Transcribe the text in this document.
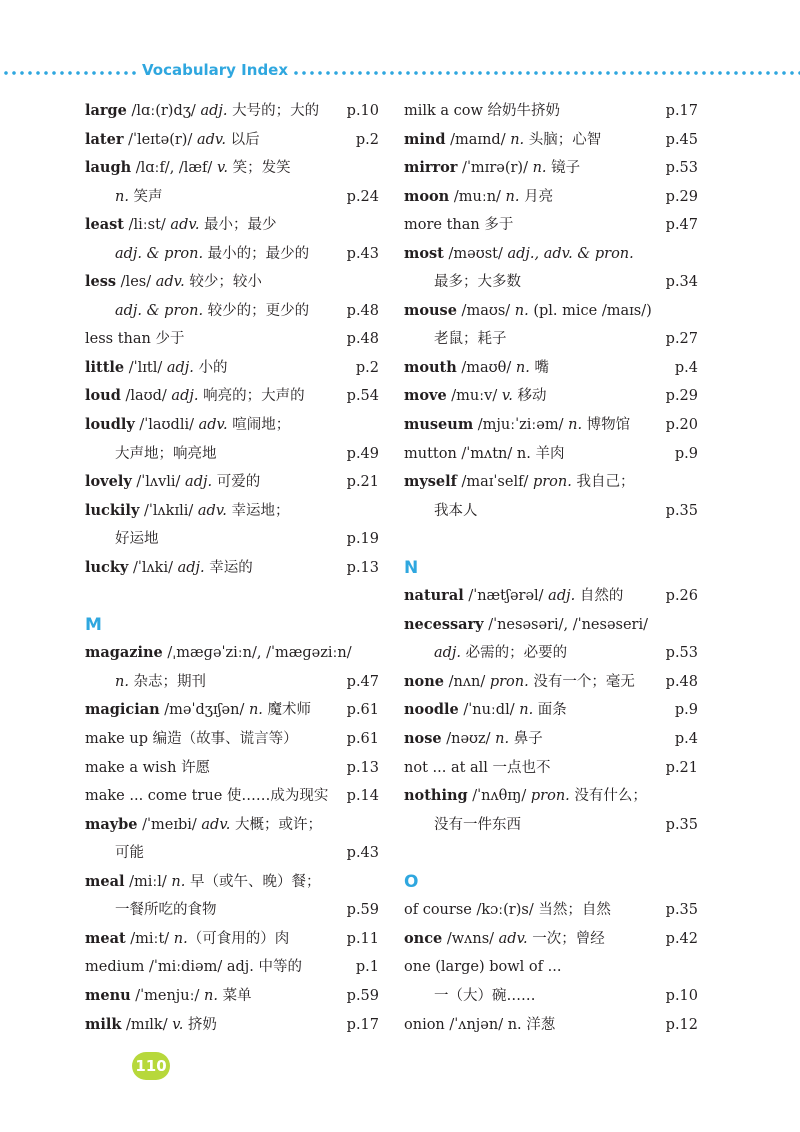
Vocabulary Index
large /lɑː(r)dʒ/ adj. 大号的；大的 p.10
later /ˈleɪtə(r)/ adv. 以后	p.2
laugh /lɑːf/, /læf/ v. 笑；发笑
n. 笑声	p.24
least /liːst/ adv. 最小；最少
adj. & pron. 最小的；最少的	p.43
less /les/ adv. 较少；较小
adj. & pron. 较少的；更少的	p.48
less than 少于	p.48
little /ˈlɪtl/ adj. 小的	p.2
loud /laʊd/ adj. 响亮的；大声的	p.54
loudly /ˈlaʊdli/ adv. 喧闹地；
大声地；响亮地	p.49
lovely /ˈlʌvli/ adj. 可爱的	p.21
luckily /ˈlʌkɪli/ adv. 幸运地；
好运地	p.19
lucky /ˈlʌki/ adj. 幸运的	p.13
M
magazine /ˌmæɡəˈziːn/, /ˈmæɡəziːn/
n. 杂志；期刊	p.47
magician /məˈdʒɪʃən/ n. 魔术师 p.61
make up 编造（故事、谎言等）	p.61
make a wish 许愿	p.13
make ... come true 使……成为现实 p.14
maybe /ˈmeɪbi/ adv. 大概；或许；
可能	p.43
meal /miːl/ n. 早（或午、晚）餐；
一餐所吃的食物	p.59
meat /miːt/ n.（可食用的）肉	p.11
medium /ˈmiːdiəm/ adj. 中等的	p.1
menu /ˈmenjuː/ n. 菜单	p.59
milk /mɪlk/ v. 挤奶	p.17
milk a cow 给奶牛挤奶	p.17
mind /maɪnd/ n. 头脑；心智	p.45
mirror /ˈmɪrə(r)/ n. 镜子	p.53
moon /muːn/ n. 月亮	p.29
more than 多于	p.47
most /məʊst/ adj., adv. & pron.
最多；大多数	p.34
mouse /maʊs/ n. (pl. mice /maɪs/)
老鼠；耗子	p.27
mouth /maʊθ/ n. 嘴	p.4
move /muːv/ v. 移动	p.29
museum /mjuːˈziːəm/ n. 博物馆 p.20
mutton /ˈmʌtn/ n. 羊肉	p.9
myself /maɪˈself/ pron. 我自己；
我本人	p.35
N
natural /ˈnætʃərəl/ adj. 自然的	p.26
necessary /ˈnesəsəri/, /ˈnesəseri/
adj. 必需的；必要的	p.53
none /nʌn/ pron. 没有一个；毫无 p.48
noodle /ˈnuːdl/ n. 面条	p.9
nose /nəʊz/ n. 鼻子	p.4
not ... at all 一点也不	p.21
nothing /ˈnʌθɪŋ/ pron. 没有什么；
没有一件东西	p.35
O
of course /kɔː(r)s/ 当然；自然	p.35
once /wʌns/ adv. 一次；曾经	p.42
one (large) bowl of ...
一（大）碗……	p.10
onion /ˈʌnjən/ n. 洋葱	p.12
110
